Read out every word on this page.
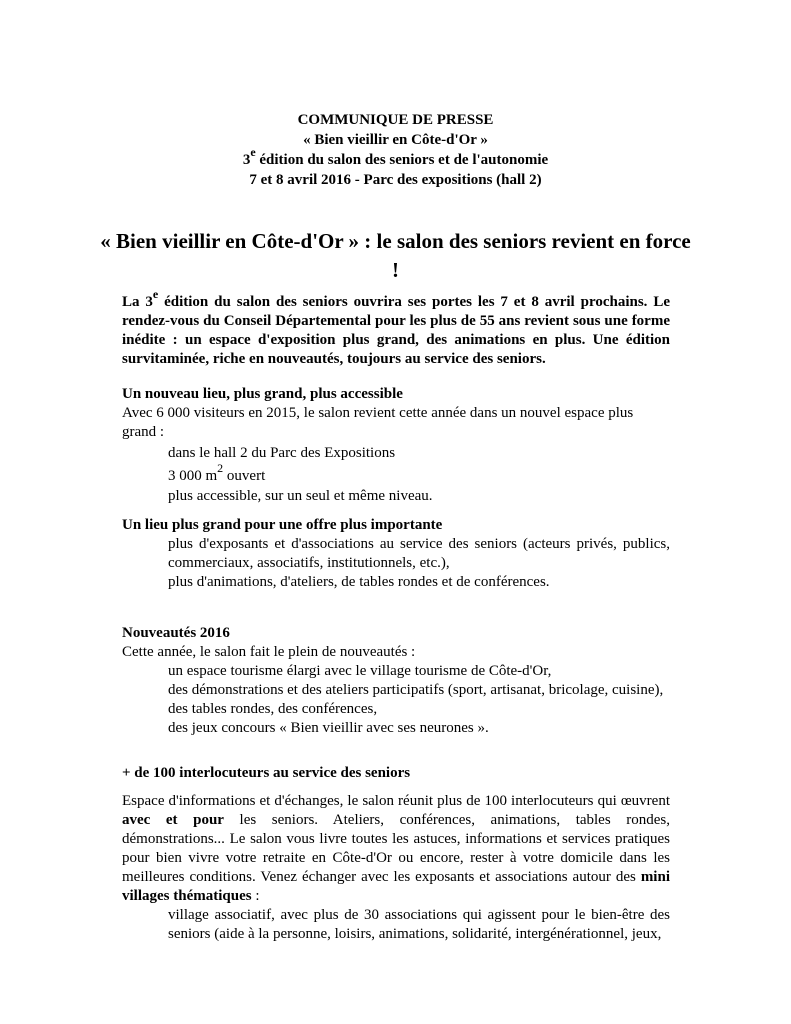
COMMUNIQUE DE PRESSE
« Bien vieillir en Côte-d'Or »
3e édition du salon des seniors et de l'autonomie
7 et 8 avril 2016 - Parc des expositions (hall 2)
« Bien vieillir en Côte-d'Or » : le salon des seniors revient en force !
La 3e édition du salon des seniors ouvrira ses portes les 7 et 8 avril prochains. Le rendez-vous du Conseil Départemental pour les plus de 55 ans revient sous une forme inédite : un espace d'exposition plus grand, des animations en plus. Une édition survitaminée, riche en nouveautés, toujours au service des seniors.
Un nouveau lieu, plus grand, plus accessible

Avec 6 000 visiteurs en 2015, le salon revient cette année dans un nouvel espace plus grand :

dans le hall 2 du Parc des Expositions
3 000 $m^2$ ouvert
plus accessible, sur un seul et même niveau.
Un lieu plus grand pour une offre plus importante
plus d'exposants et d'associations au service des seniors (acteurs privés, publics, commerciaux, associatifs, institutionnels, etc.),
plus d'animations, d'ateliers, de tables rondes et de conférences.
Nouveautés 2016

Cette année, le salon fait le plein de nouveautés :

un espace tourisme élargi avec le village tourisme de Côte-d'Or,
des démonstrations et des ateliers participatifs (sport, artisanat, bricolage, cuisine),
des tables rondes, des conférences,
des jeux concours « Bien vieillir avec ses neurones ».
+ de 100 interlocuteurs au service des seniors

Espace d'informations et d'échanges, le salon réunit plus de 100 interlocuteurs qui œuvrent avec et pour les seniors. Ateliers, conférences, animations, tables rondes, démonstrations... Le salon vous livre toutes les astuces, informations et services pratiques pour bien vivre votre retraite en Côte-d'Or ou encore, rester à votre domicile dans les meilleures conditions. Venez échanger avec les exposants et associations autour des mini villages thématiques :

village associatif, avec plus de 30 associations qui agissent pour le bien-être des seniors (aide à la personne, loisirs, animations, solidarité, intergénérationnel, jeux,
